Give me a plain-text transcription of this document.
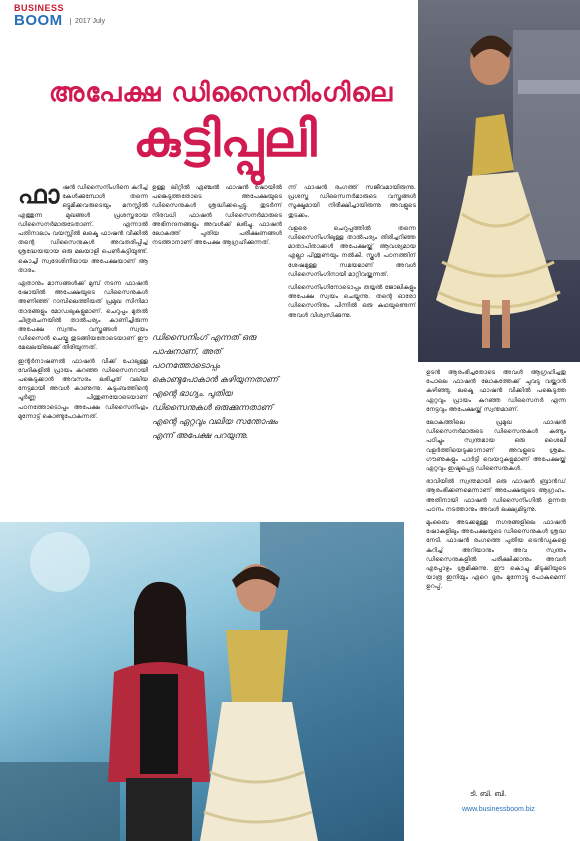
BUSINESS
BOOM	2017 July
അപേക്ഷ ഡിസൈനിംഗിലെ
കുട്ടിപ്പുലി
ഫാ ഷൻ ഡിസൈനിംഗിനെ കുറിച്ച് കേൾക്കുമ്പോൾ തന്നെ ഒട്ടുമിക്കവരുടെയും മനസ്സിൽ എത്തുന്ന മുഖങ്ങൾ പ്രശസ്തരായ ഡിസൈനർമാരുടേതാണ്. എന്നാൽ പതിനാലാം വയസ്സിൽ ലക്മെ ഫാഷൻ വീക്കിൽ തന്റെ ഡിസൈനുകൾ അവതരിപ്പിച്ച് ശ്രദ്ധേയയായ ഒരു മലയാളി പെൺകുട്ടിയുണ്ട്. കൊച്ചി സ്വദേശിനിയായ അപേക്ഷയാണ് ആ താരം.

ഏതാനും മാസങ്ങൾക്ക് മുമ്പ് നടന്ന ഫാഷൻ ഷോയിൽ അപേക്ഷയുടെ ഡിസൈനുകൾ അണിഞ്ഞ് റാമ്പിലെത്തിയത് പ്രമുഖ സിനിമാ താരങ്ങളും മോഡലുകളുമാണ്. ചെറുപ്പം മുതൽ ചിത്രരചനയിൽ താൽപര്യം കാണിച്ചിരുന്ന അപേക്ഷ സ്വന്തം വസ്ത്രങ്ങൾ സ്വയം ഡിസൈൻ ചെയ്തു തുടങ്ങിയതോടെയാണ് ഈ മേഖലയിലേക്ക് തിരിയുന്നത്.

ഇന്റർനാഷണൽ ഫാഷൻ വീക്ക് പോലുള്ള വേദികളിൽ പ്രായം കുറഞ്ഞ ഡിസൈനറായി പങ്കെടുക്കാൻ അവസരം ലഭിച്ചത് വലിയ നേട്ടമായി അവൾ കാണുന്നു. കുടുംബത്തിന്റെ പൂർണ്ണ പിന്തുണയോടെയാണ് പഠനത്തോടൊപ്പം അപേക്ഷ ഡിസൈനിംഗും മുന്നോട്ട് കൊണ്ടുപോകുന്നത്.

ഉള്ള ലിറ്റിൽ ഏഞ്ചൽ ഫാഷൻ ഷോയിൽ പങ്കെടുത്തതോടെ അപേക്ഷയുടെ ഡിസൈനുകൾ ശ്രദ്ധിക്കപ്പെട്ടു. തുടർന്ന് നിരവധി ഫാഷൻ ഡിസൈനർമാരുടെ അഭിനന്ദനങ്ങളും അവൾക്ക് ലഭിച്ചു. ഫാഷൻ ലോകത്ത് പുതിയ പരീക്ഷണങ്ങൾ നടത്താനാണ് അപേക്ഷ ആഗ്രഹിക്കുന്നത്.

ഡിസൈനിംഗ് എന്നത് ഒരു പാഷനാണ്, അത് പഠനത്തോടൊപ്പം കൊണ്ടുപോകാൻ കഴിയുന്നതാണ് എന്റെ ഭാഗ്യം. പുതിയ ഡിസൈനുകൾ ഒരുക്കുന്നതാണ് എന്റെ ഏറ്റവും വലിയ സന്തോഷം എന്ന് അപേക്ഷ പറയുന്നു.

ന്ന് ഫാഷൻ രംഗത്ത് സജീവമായിരുന്നു. പ്രശസ്ത ഡിസൈനർമാരുടെ വസ്ത്രങ്ങൾ സൂക്ഷ്മമായി നിരീക്ഷിച്ചായിരുന്നു അവളുടെ തുടക്കം.

വളരെ ചെറുപ്പത്തിൽ തന്നെ ഡിസൈനിംഗിലുള്ള താൽപര്യം തിരിച്ചറിഞ്ഞ മാതാപിതാക്കൾ അപേക്ഷയ്ക്ക് ആവശ്യമായ എല്ലാ പിന്തുണയും നൽകി. സ്കൂൾ പഠനത്തിന് ശേഷമുള്ള സമയമാണ് അവൾ ഡിസൈനിംഗിനായി മാറ്റിവയ്ക്കുന്നത്.

ഡിസൈനിംഗിനോടൊപ്പം തയ്യൽ ജോലികളും അപേക്ഷ സ്വയം ചെയ്യുന്നു. തന്റെ ഓരോ ഡിസൈനിനും പിന്നിൽ ഒരു കഥയുണ്ടെന്ന് അവൾ വിശ്വസിക്കുന്നു.

ഉടൻ ആരംഭിച്ചതോടെ അവൾ ആഗ്രഹിച്ചതു പോലെ ഫാഷൻ ലോകത്തേക്ക് ചുവടു വയ്ക്കാൻ കഴിഞ്ഞു. ലക്മെ ഫാഷൻ വീക്കിൽ പങ്കെടുത്ത ഏറ്റവും പ്രായം കുറഞ്ഞ ഡിസൈനർ എന്ന നേട്ടവും അപേക്ഷയ്ക്ക് സ്വന്തമാണ്.

ലോകത്തിലെ പ്രമുഖ ഫാഷൻ ഡിസൈനർമാരുടെ ഡിസൈനുകൾ കണ്ടും പഠിച്ചും സ്വന്തമായ ഒരു ശൈലി വളർത്തിയെടുക്കാനാണ് അവളുടെ ശ്രമം. ഗൗണുകളും പാർട്ടി വെയറുകളുമാണ് അപേക്ഷയ്ക്ക് ഏറ്റവും ഇഷ്ടപ്പെട്ട ഡിസൈനുകൾ.

ഭാവിയിൽ സ്വന്തമായി ഒരു ഫാഷൻ ബ്രാൻഡ് ആരംഭിക്കണമെന്നാണ് അപേക്ഷയുടെ ആഗ്രഹം. അതിനായി ഫാഷൻ ഡിസൈനിംഗിൽ ഉന്നത പഠനം നടത്താനും അവൾ ലക്ഷ്യമിടുന്നു.

മുംബൈ അടക്കമുള്ള നഗരങ്ങളിലെ ഫാഷൻ ഷോകളിലും അപേക്ഷയുടെ ഡിസൈനുകൾ ശ്രദ്ധ നേടി. ഫാഷൻ രംഗത്തെ പുതിയ ട്രെൻഡുകളെ കുറിച്ച് അറിയാനും അവ സ്വന്തം ഡിസൈനുകളിൽ പരീക്ഷിക്കാനും അവൾ എപ്പോഴും ശ്രമിക്കുന്നു. ഈ കൊച്ചു മിടുക്കിയുടെ യാത്ര ഇനിയും ഏറെ ദൂരം മുന്നോട്ടു പോകുമെന്ന് ഉറപ്പ്.

ടി. ബി. ബി.
www.businessboom.biz
